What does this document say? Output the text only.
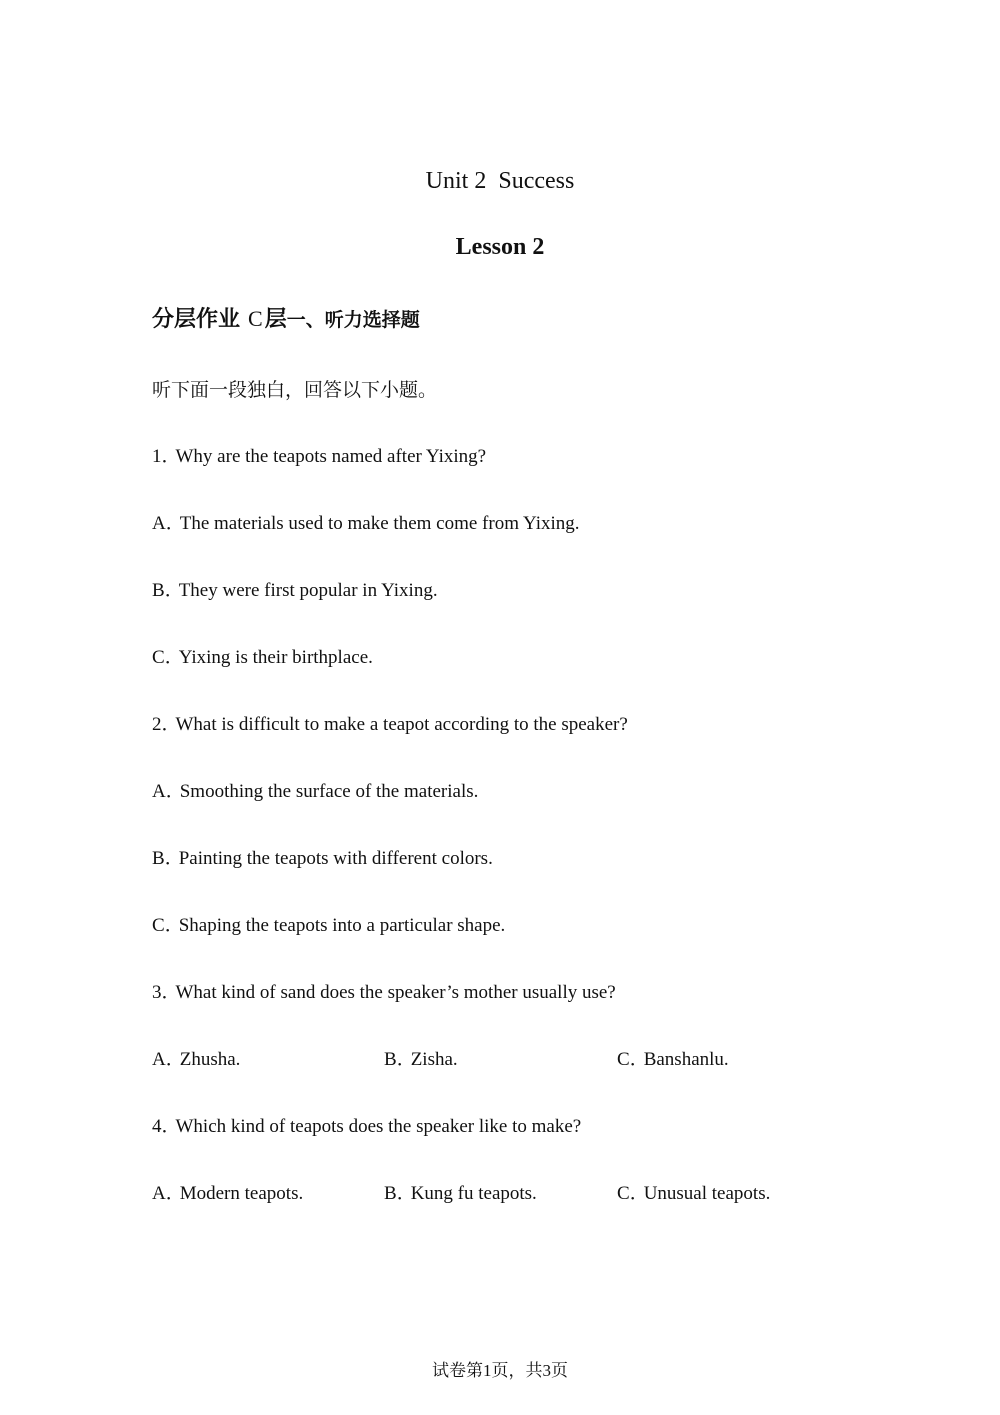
Unit 2  Success
Lesson 2
分层作业 C层一、听力选择题
听下面一段独白，回答以下小题。
1．Why are the teapots named after Yixing?
A．The materials used to make them come from Yixing.
B．They were first popular in Yixing.
C．Yixing is their birthplace.
2．What is difficult to make a teapot according to the speaker?
A．Smoothing the surface of the materials.
B．Painting the teapots with different colors.
C．Shaping the teapots into a particular shape.
3．What kind of sand does the speaker’s mother usually use?
A．Zhusha.	B．Zisha.	C．Banshanlu.
4．Which kind of teapots does the speaker like to make?
A．Modern teapots.	B．Kung fu teapots.	C．Unusual teapots.
试卷第1页，共3页
